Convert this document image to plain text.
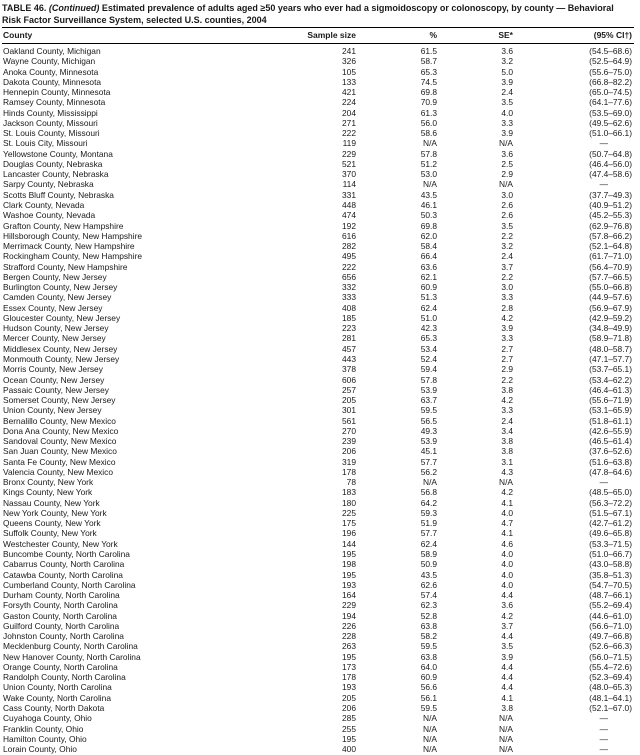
TABLE 46. (Continued) Estimated prevalence of adults aged ≥50 years who ever had a sigmoidoscopy or colonoscopy, by county — Behavioral Risk Factor Surveillance System, selected U.S. counties, 2004
County	Sample size	%	SE*	(95% CI†)
Oakland County, Michigan	241	61.5	3.6	(54.5–68.6)
Wayne County, Michigan	326	58.7	3.2	(52.5–64.9)
Anoka County, Minnesota	105	65.3	5.0	(55.6–75.0)
Dakota County, Minnesota	133	74.5	3.9	(66.8–82.2)
Hennepin County, Minnesota	421	69.8	2.4	(65.0–74.5)
Ramsey County, Minnesota	224	70.9	3.5	(64.1–77.6)
Hinds County, Mississippi	204	61.3	4.0	(53.5–69.0)
Jackson County, Missouri	271	56.0	3.3	(49.5–62.6)
St. Louis County, Missouri	222	58.6	3.9	(51.0–66.1)
St. Louis City, Missouri	119	N/A	N/A	—
Yellowstone County, Montana	229	57.8	3.6	(50.7–64.8)
Douglas County, Nebraska	521	51.2	2.5	(46.4–56.0)
Lancaster County, Nebraska	370	53.0	2.9	(47.4–58.6)
Sarpy County, Nebraska	114	N/A	N/A	—
Scotts Bluff County, Nebraska	331	43.5	3.0	(37.7–49.3)
Clark County, Nevada	448	46.1	2.6	(40.9–51.2)
Washoe County, Nevada	474	50.3	2.6	(45.2–55.3)
Grafton County, New Hampshire	192	69.8	3.5	(62.9–76.8)
Hillsborough County, New Hampshire	616	62.0	2.2	(57.8–66.2)
Merrimack County, New Hampshire	282	58.4	3.2	(52.1–64.8)
Rockingham County, New Hampshire	495	66.4	2.4	(61.7–71.0)
Strafford County, New Hampshire	222	63.6	3.7	(56.4–70.9)
Bergen County, New Jersey	656	62.1	2.2	(57.7–66.5)
Burlington County, New Jersey	332	60.9	3.0	(55.0–66.8)
Camden County, New Jersey	333	51.3	3.3	(44.9–57.6)
Essex County, New Jersey	408	62.4	2.8	(56.9–67.9)
Gloucester County, New Jersey	185	51.0	4.2	(42.9–59.2)
Hudson County, New Jersey	223	42.3	3.9	(34.8–49.9)
Mercer County, New Jersey	281	65.3	3.3	(58.9–71.8)
Middlesex County, New Jersey	457	53.4	2.7	(48.0–58.7)
Monmouth County, New Jersey	443	52.4	2.7	(47.1–57.7)
Morris County, New Jersey	378	59.4	2.9	(53.7–65.1)
Ocean County, New Jersey	606	57.8	2.2	(53.4–62.2)
Passaic County, New Jersey	257	53.9	3.8	(46.4–61.3)
Somerset County, New Jersey	205	63.7	4.2	(55.6–71.9)
Union County, New Jersey	301	59.5	3.3	(53.1–65.9)
Bernalillo County, New Mexico	561	56.5	2.4	(51.8–61.1)
Dona Ana County, New Mexico	270	49.3	3.4	(42.6–55.9)
Sandoval County, New Mexico	239	53.9	3.8	(46.5–61.4)
San Juan County, New Mexico	206	45.1	3.8	(37.6–52.6)
Santa Fe County, New Mexico	319	57.7	3.1	(51.6–63.8)
Valencia County, New Mexico	178	56.2	4.3	(47.8–64.6)
Bronx County, New York	78	N/A	N/A	—
Kings County, New York	183	56.8	4.2	(48.5–65.0)
Nassau County, New York	180	64.2	4.1	(56.3–72.2)
New York County, New York	225	59.3	4.0	(51.5–67.1)
Queens County, New York	175	51.9	4.7	(42.7–61.2)
Suffolk County, New York	196	57.7	4.1	(49.6–65.8)
Westchester County, New York	144	62.4	4.6	(53.3–71.5)
Buncombe County, North Carolina	195	58.9	4.0	(51.0–66.7)
Cabarrus County, North Carolina	198	50.9	4.0	(43.0–58.8)
Catawba County, North Carolina	195	43.5	4.0	(35.8–51.3)
Cumberland County, North Carolina	193	62.6	4.0	(54.7–70.5)
Durham County, North Carolina	164	57.4	4.4	(48.7–66.1)
Forsyth County, North Carolina	229	62.3	3.6	(55.2–69.4)
Gaston County, North Carolina	194	52.8	4.2	(44.6–61.0)
Guilford County, North Carolina	226	63.8	3.7	(56.6–71.0)
Johnston County, North Carolina	228	58.2	4.4	(49.7–66.8)
Mecklenburg County, North Carolina	263	59.5	3.5	(52.6–66.3)
New Hanover County, North Carolina	195	63.8	3.9	(56.0–71.5)
Orange County, North Carolina	173	64.0	4.4	(55.4–72.6)
Randolph County, North Carolina	178	60.9	4.4	(52.3–69.4)
Union County, North Carolina	193	56.6	4.4	(48.0–65.3)
Wake County, North Carolina	205	56.1	4.1	(48.1–64.1)
Cass County, North Dakota	206	59.5	3.8	(52.1–67.0)
Cuyahoga County, Ohio	285	N/A	N/A	—
Franklin County, Ohio	255	N/A	N/A	—
Hamilton County, Ohio	195	N/A	N/A	—
Lorain County, Ohio	400	N/A	N/A	—
